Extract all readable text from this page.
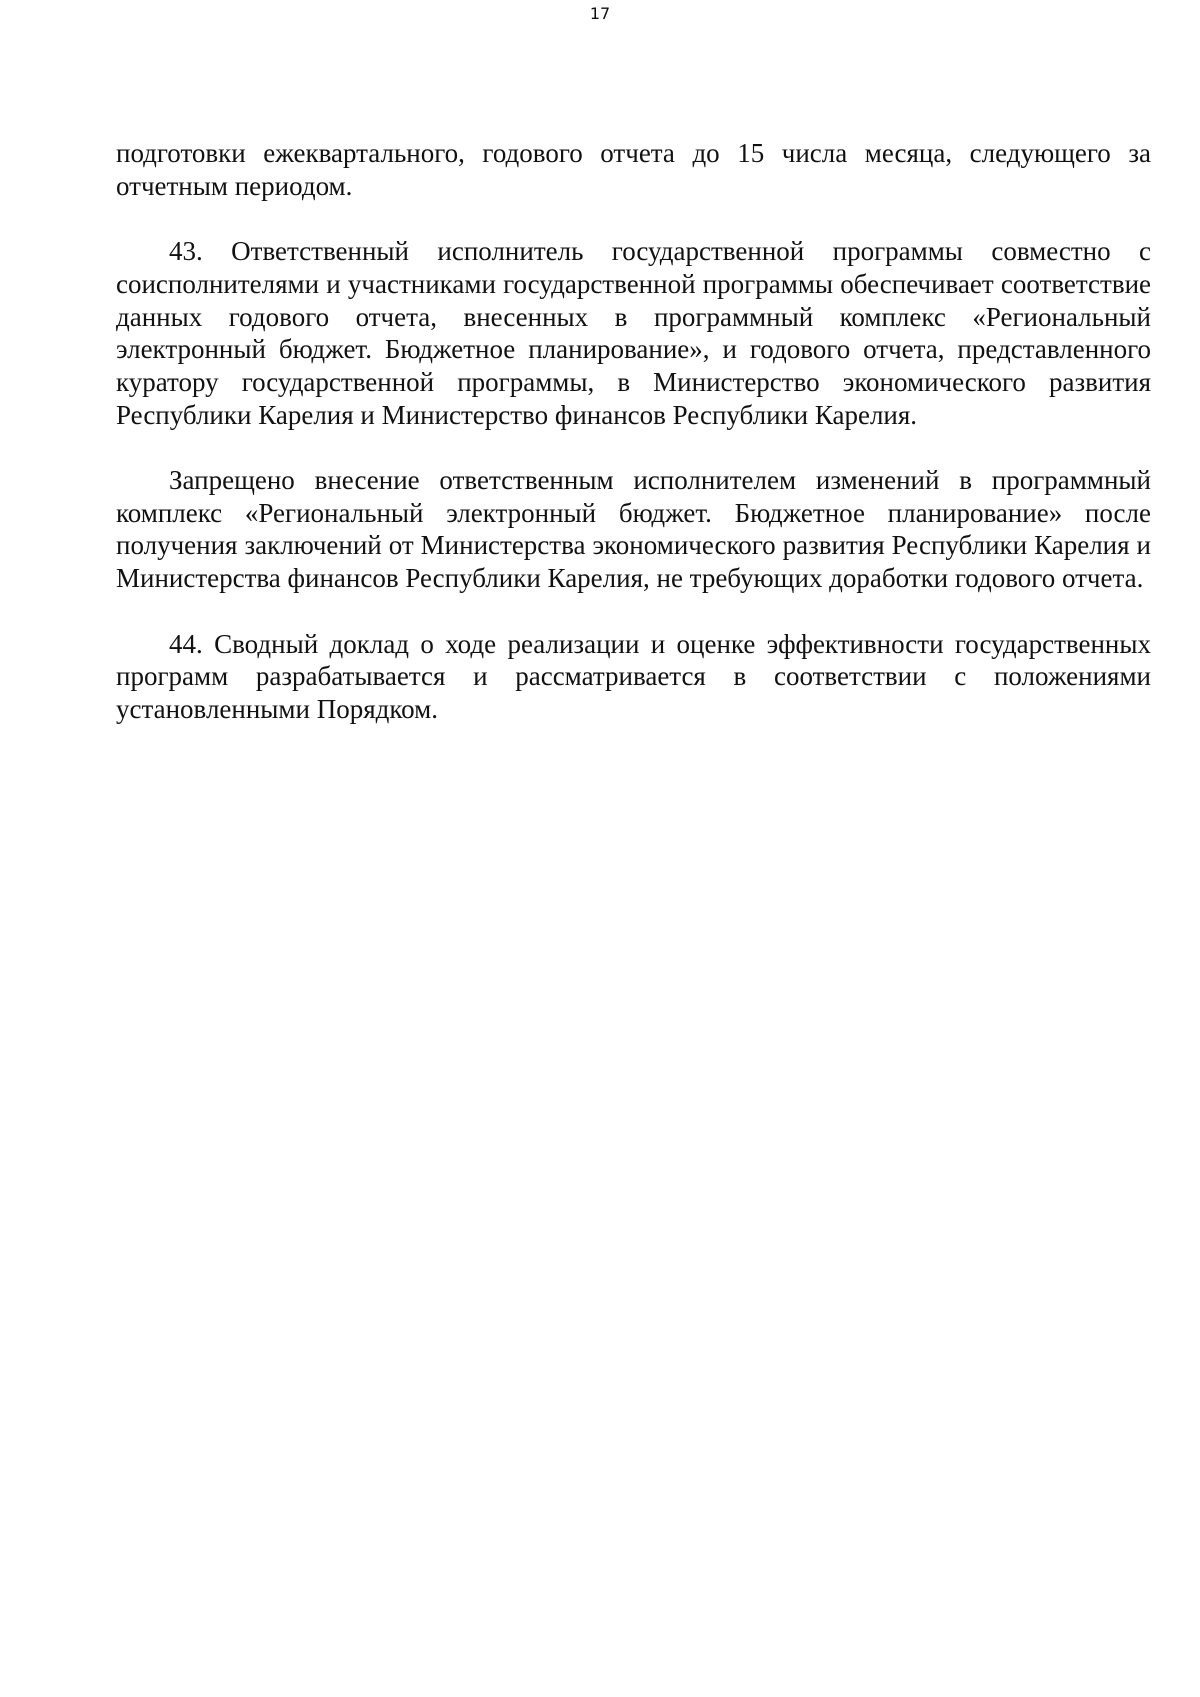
17

подготовки ежеквартального, годового отчета до 15 числа месяца, следующего за отчетным периодом.

43. Ответственный исполнитель государственной программы совместно с соисполнителями и участниками государственной программы обеспечивает соответствие данных годового отчета, внесенных в программный комплекс «Региональный электронный бюджет. Бюджетное планирование», и годового отчета, представленного куратору государственной программы, в Министерство экономического развития Республики Карелия и Министерство финансов Республики Карелия.

Запрещено внесение ответственным исполнителем изменений в программный комплекс «Региональный электронный бюджет. Бюджетное планирование» после получения заключений от Министерства экономического развития Республики Карелия и Министерства финансов Республики Карелия, не требующих доработки годового отчета.

44. Сводный доклад о ходе реализации и оценке эффективности государственных программ разрабатывается и рассматривается в соответствии с положениями установленными Порядком.
